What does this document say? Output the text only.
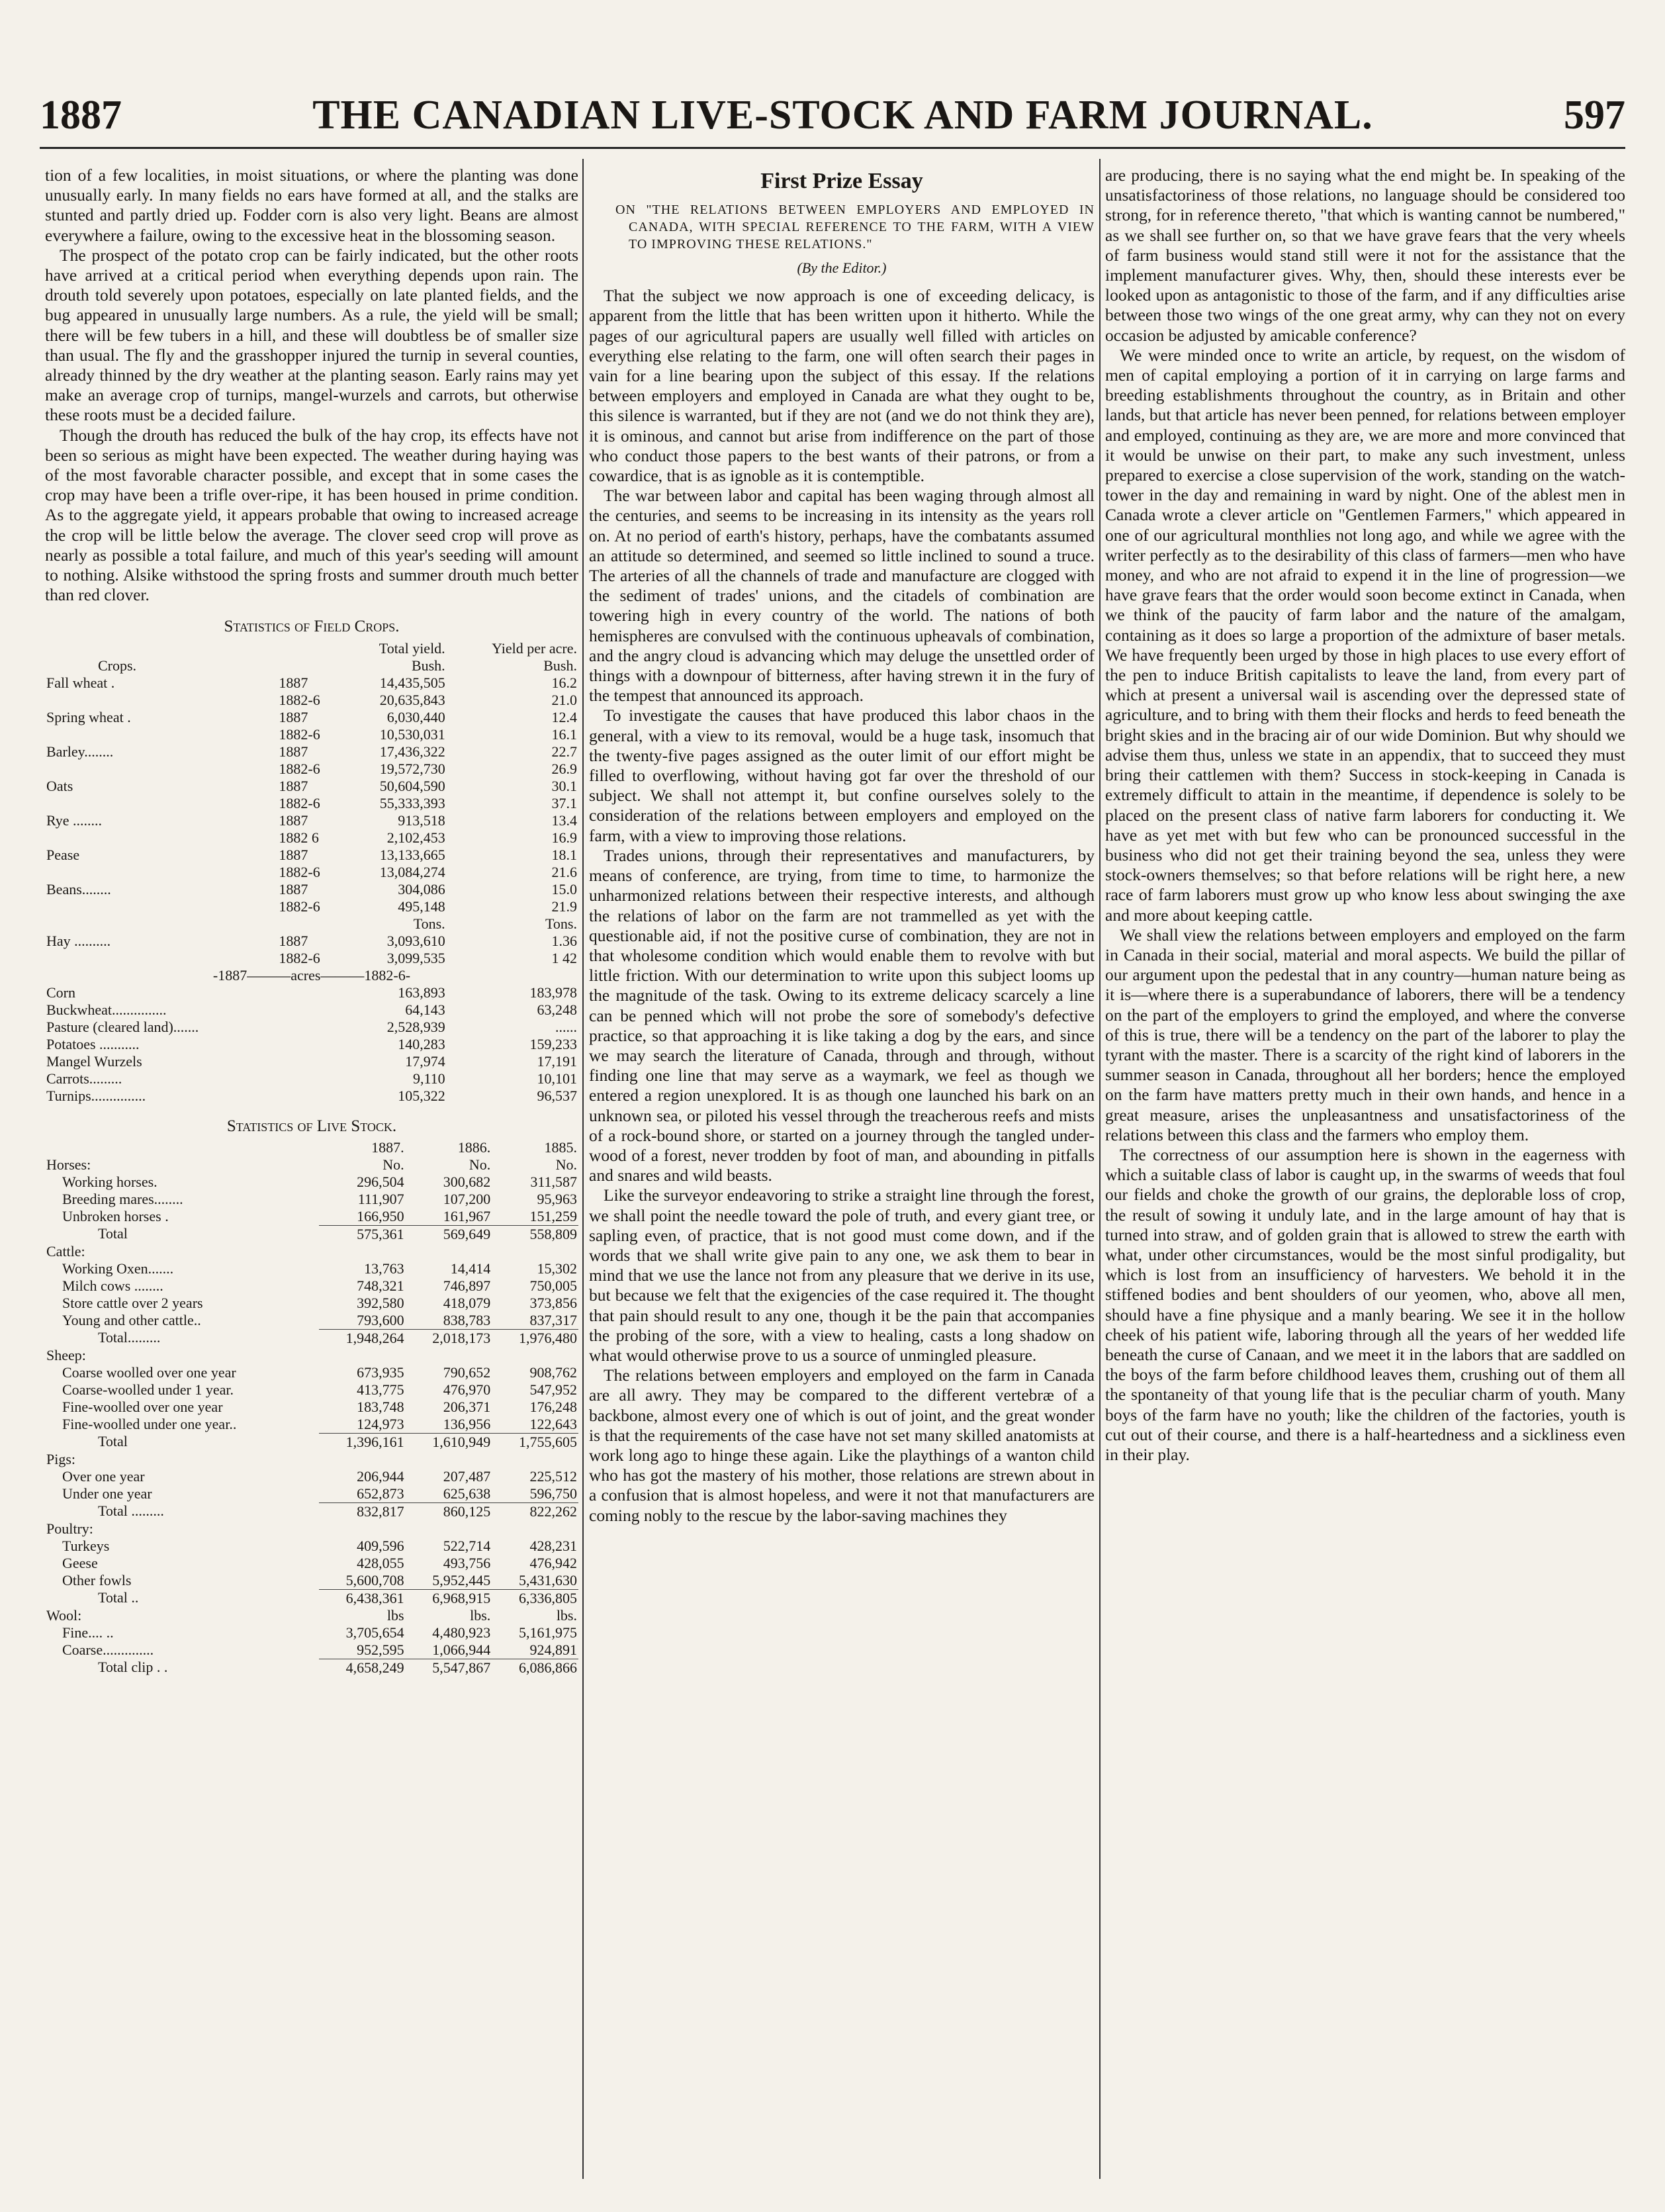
1887	THE CANADIAN LIVE-STOCK AND FARM JOURNAL.	597

tion of a few localities, in moist situations, or where the planting was done unusually early. In many fields no ears have formed at all, and the stalks are stunted and partly dried up. Fodder corn is also very light. Beans are almost everywhere a failure, owing to the excessive heat in the blossoming season.

The prospect of the potato crop can be fairly indicated, but the other roots have arrived at a critical period when everything depends upon rain. The drouth told severely upon potatoes, especially on late planted fields, and the bug appeared in unusually large numbers. As a rule, the yield will be small; there will be few tubers in a hill, and these will doubtless be of smaller size than usual. The fly and the grasshopper injured the turnip in several counties, already thinned by the dry weather at the planting season. Early rains may yet make an average crop of turnips, mangel-wurzels and carrots, but otherwise these roots must be a decided failure.

Though the drouth has reduced the bulk of the hay crop, its effects have not been so serious as might have been expected. The weather during haying was of the most favorable character possible, and except that in some cases the crop may have been a trifle over-ripe, it has been housed in prime condition. As to the aggregate yield, it appears probable that owing to increased acreage the crop will be little below the average. The clover seed crop will prove as nearly as possible a total failure, and much of this year's seeding will amount to nothing. Alsike withstood the spring frosts and summer drouth much better than red clover.

Statistics of Field Crops.
		Total yield.	Yield per acre.
Crops.		Bush.	Bush.
Fall wheat .	1887	14,435,505	16.2
	1882-6	20,635,843	21.0
Spring wheat .	1887	6,030,440	12.4
	1882-6	10,530,031	16.1
Barley........	1887	17,436,322	22.7
	1882-6	19,572,730	26.9
Oats	1887	50,604,590	30.1
	1882-6	55,333,393	37.1
Rye ........	1887	913,518	13.4
	1882 6	2,102,453	16.9
Pease	1887	13,133,665	18.1
	1882-6	13,084,274	21.6
Beans........	1887	304,086	15.0
	1882-6	495,148	21.9
		Tons.	Tons.
Hay ..........	1887	3,093,610	1.36
	1882-6	3,099,535	1 42
-1887———acres———1882-6-			
Corn		163,893	183,978
Buckwheat...............		64,143	63,248
Pasture (cleared land).......		2,528,939	......
Potatoes ...........		140,283	159,233
Mangel Wurzels		17,974	17,191
Carrots.........		9,110	10,101
Turnips...............		105,322	96,537
Statistics of Live Stock.
	1887.	1886.	1885.
Horses:	No.	No.	No.
Working horses.	296,504	300,682	311,587
Breeding mares........	111,907	107,200	95,963
Unbroken horses .	166,950	161,967	151,259
Total	575,361	569,649	558,809
Cattle:			
Working Oxen.......	13,763	14,414	15,302
Milch cows ........	748,321	746,897	750,005
Store cattle over 2 years	392,580	418,079	373,856
Young and other cattle..	793,600	838,783	837,317
Total.........	1,948,264	2,018,173	1,976,480
Sheep:			
Coarse woolled over one year	673,935	790,652	908,762
Coarse-woolled under 1 year.	413,775	476,970	547,952
Fine-woolled over one year	183,748	206,371	176,248
Fine-woolled under one year..	124,973	136,956	122,643
Total	1,396,161	1,610,949	1,755,605
Pigs:			
Over one year	206,944	207,487	225,512
Under one year	652,873	625,638	596,750
Total .........	832,817	860,125	822,262
Poultry:			
Turkeys	409,596	522,714	428,231
Geese	428,055	493,756	476,942
Other fowls	5,600,708	5,952,445	5,431,630
Total ..	6,438,361	6,968,915	6,336,805
Wool:	lbs	lbs.	lbs.
Fine.... ..	3,705,654	4,480,923	5,161,975
Coarse..............	952,595	1,066,944	924,891
Total clip . .	4,658,249	5,547,867	6,086,866
First Prize Essay
ON "THE RELATIONS BETWEEN EMPLOYERS AND EMPLOYED IN CANADA, WITH SPECIAL REFERENCE TO THE FARM, WITH A VIEW TO IMPROVING THESE RELATIONS."
(By the Editor.)

That the subject we now approach is one of exceeding delicacy, is apparent from the little that has been written upon it hitherto. While the pages of our agricultural papers are usually well filled with articles on everything else relating to the farm, one will often search their pages in vain for a line bearing upon the subject of this essay. If the relations between employers and employed in Canada are what they ought to be, this silence is warranted, but if they are not (and we do not think they are), it is ominous, and cannot but arise from indifference on the part of those who conduct those papers to the best wants of their patrons, or from a cowardice, that is as ignoble as it is contemptible.

The war between labor and capital has been waging through almost all the centuries, and seems to be increasing in its intensity as the years roll on. At no period of earth's history, perhaps, have the combatants assumed an attitude so determined, and seemed so little inclined to sound a truce. The arteries of all the channels of trade and manufacture are clogged with the sediment of trades' unions, and the citadels of combination are towering high in every country of the world. The nations of both hemispheres are convulsed with the continuous upheavals of combination, and the angry cloud is advancing which may deluge the unsettled order of things with a downpour of bitterness, after having strewn it in the fury of the tempest that announced its approach.

To investigate the causes that have produced this labor chaos in the general, with a view to its removal, would be a huge task, insomuch that the twenty-five pages assigned as the outer limit of our effort might be filled to overflowing, without having got far over the threshold of our subject. We shall not attempt it, but confine ourselves solely to the consideration of the relations between employers and employed on the farm, with a view to improving those relations.

Trades unions, through their representatives and manufacturers, by means of conference, are trying, from time to time, to harmonize the unharmonized relations between their respective interests, and although the relations of labor on the farm are not trammelled as yet with the questionable aid, if not the positive curse of combination, they are not in that wholesome condition which would enable them to revolve with but little friction. With our determination to write upon this subject looms up the magnitude of the task. Owing to its extreme delicacy scarcely a line can be penned which will not probe the sore of somebody's defective practice, so that approaching it is like taking a dog by the ears, and since we may search the literature of Canada, through and through, without finding one line that may serve as a waymark, we feel as though we entered a region unexplored. It is as though one launched his bark on an unknown sea, or piloted his vessel through the treacherous reefs and mists of a rock-bound shore, or started on a journey through the tangled under-wood of a forest, never trodden by foot of man, and abounding in pitfalls and snares and wild beasts.

Like the surveyor endeavoring to strike a straight line through the forest, we shall point the needle toward the pole of truth, and every giant tree, or sapling even, of practice, that is not good must come down, and if the words that we shall write give pain to any one, we ask them to bear in mind that we use the lance not from any pleasure that we derive in its use, but because we felt that the exigencies of the case required it. The thought that pain should result to any one, though it be the pain that accompanies the probing of the sore, with a view to healing, casts a long shadow on what would otherwise prove to us a source of unmingled pleasure.

The relations between employers and employed on the farm in Canada are all awry. They may be compared to the different vertebræ of a backbone, almost every one of which is out of joint, and the great wonder is that the requirements of the case have not set many skilled anatomists at work long ago to hinge these again. Like the playthings of a wanton child who has got the mastery of his mother, those relations are strewn about in a confusion that is almost hopeless, and were it not that manufacturers are coming nobly to the rescue by the labor-saving machines they

are producing, there is no saying what the end might be. In speaking of the unsatisfactoriness of those relations, no language should be considered too strong, for in reference thereto, "that which is wanting cannot be numbered," as we shall see further on, so that we have grave fears that the very wheels of farm business would stand still were it not for the assistance that the implement manufacturer gives. Why, then, should these interests ever be looked upon as antagonistic to those of the farm, and if any difficulties arise between those two wings of the one great army, why can they not on every occasion be adjusted by amicable conference?

We were minded once to write an article, by request, on the wisdom of men of capital employing a portion of it in carrying on large farms and breeding establishments throughout the country, as in Britain and other lands, but that article has never been penned, for relations between employer and employed, continuing as they are, we are more and more convinced that it would be unwise on their part, to make any such investment, unless prepared to exercise a close supervision of the work, standing on the watch-tower in the day and remaining in ward by night. One of the ablest men in Canada wrote a clever article on "Gentlemen Farmers," which appeared in one of our agricultural monthlies not long ago, and while we agree with the writer perfectly as to the desirability of this class of farmers—men who have money, and who are not afraid to expend it in the line of progression—we have grave fears that the order would soon become extinct in Canada, when we think of the paucity of farm labor and the nature of the amalgam, containing as it does so large a proportion of the admixture of baser metals. We have frequently been urged by those in high places to use every effort of the pen to induce British capitalists to leave the land, from every part of which at present a universal wail is ascending over the depressed state of agriculture, and to bring with them their flocks and herds to feed beneath the bright skies and in the bracing air of our wide Dominion. But why should we advise them thus, unless we state in an appendix, that to succeed they must bring their cattlemen with them? Success in stock-keeping in Canada is extremely difficult to attain in the meantime, if dependence is solely to be placed on the present class of native farm laborers for conducting it. We have as yet met with but few who can be pronounced successful in the business who did not get their training beyond the sea, unless they were stock-owners themselves; so that before relations will be right here, a new race of farm laborers must grow up who know less about swinging the axe and more about keeping cattle.

We shall view the relations between employers and employed on the farm in Canada in their social, material and moral aspects. We build the pillar of our argument upon the pedestal that in any country—human nature being as it is—where there is a superabundance of laborers, there will be a tendency on the part of the employers to grind the employed, and where the converse of this is true, there will be a tendency on the part of the laborer to play the tyrant with the master. There is a scarcity of the right kind of laborers in the summer season in Canada, throughout all her borders; hence the employed on the farm have matters pretty much in their own hands, and hence in a great measure, arises the unpleasantness and unsatisfactoriness of the relations between this class and the farmers who employ them.

The correctness of our assumption here is shown in the eagerness with which a suitable class of labor is caught up, in the swarms of weeds that foul our fields and choke the growth of our grains, the deplorable loss of crop, the result of sowing it unduly late, and in the large amount of hay that is turned into straw, and of golden grain that is allowed to strew the earth with what, under other circumstances, would be the most sinful prodigality, but which is lost from an insufficiency of harvesters. We behold it in the stiffened bodies and bent shoulders of our yeomen, who, above all men, should have a fine physique and a manly bearing. We see it in the hollow cheek of his patient wife, laboring through all the years of her wedded life beneath the curse of Canaan, and we meet it in the labors that are saddled on the boys of the farm before childhood leaves them, crushing out of them all the spontaneity of that young life that is the peculiar charm of youth. Many boys of the farm have no youth; like the children of the factories, youth is cut out of their course, and there is a half-heartedness and a sickliness even in their play.
